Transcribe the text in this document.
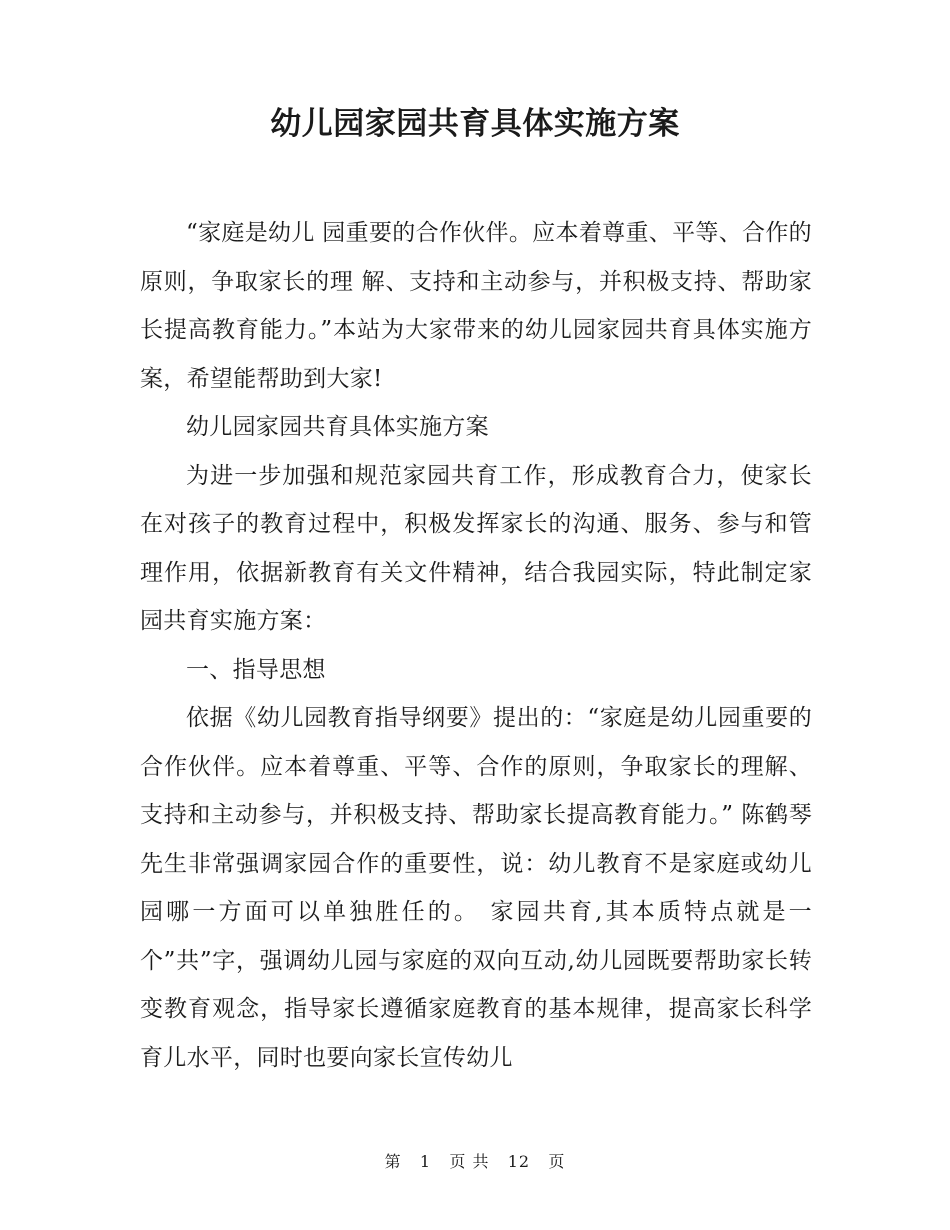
幼儿园家园共育具体实施方案

“家庭是幼儿 园重要的合作伙伴。应本着尊重、平等、合作的原则，争取家长的理 解、支持和主动参与，并积极支持、帮助家长提高教育能力。”本站为大家带来的幼儿园家园共育具体实施方案，希望能帮助到大家!

幼儿园家园共育具体实施方案

为进一步加强和规范家园共育工作，形成教育合力，使家长在对孩子的教育过程中，积极发挥家长的沟通、服务、参与和管理作用，依据新教育有关文件精神，结合我园实际，特此制定家园共育实施方案：

一、指导思想

依据《幼儿园教育指导纲要》提出的：“家庭是幼儿园重要的合作伙伴。应本着尊重、平等、合作的原则，争取家长的理解、支持和主动参与，并积极支持、帮助家长提高教育能力。” 陈鹤琴先生非常强调家园合作的重要性，说：幼儿教育不是家庭或幼儿园哪一方面可以单独胜任的。 家园共育,其本质特点就是一个”共”字，强调幼儿园与家庭的双向互动,幼儿园既要帮助家长转变教育观念，指导家长遵循家庭教育的基本规律，提高家长科学育儿水平，同时也要向家长宣传幼儿

第 1 页 共 12 页
